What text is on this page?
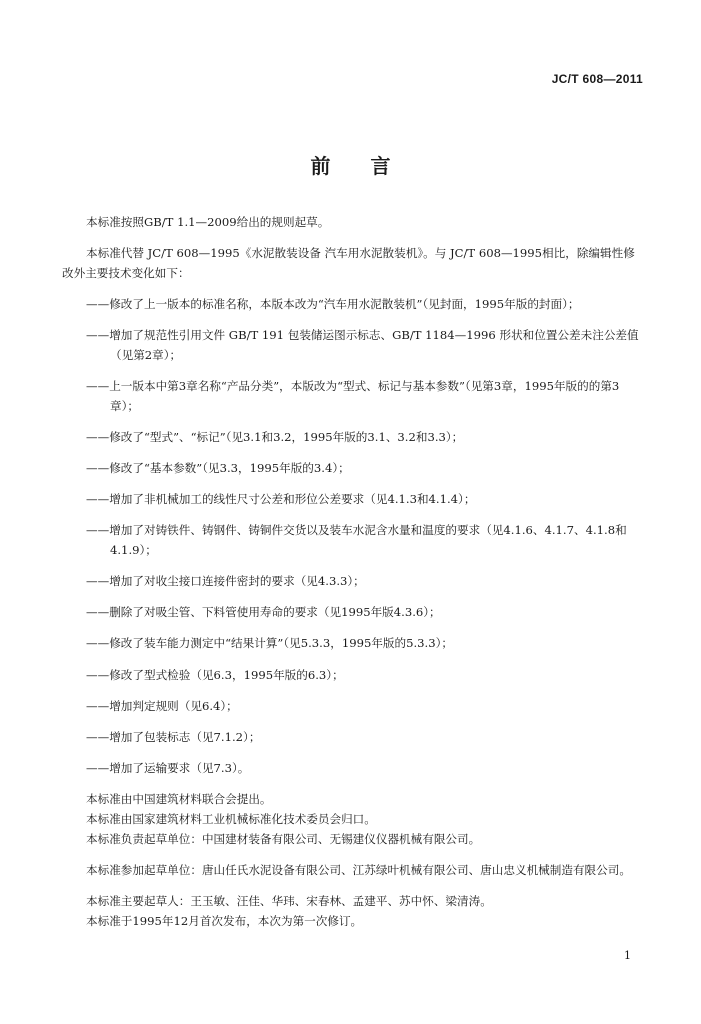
JC/T 608—2011
前 言

本标准按照GB/T 1.1—2009给出的规则起草。

本标准代替 JC/T 608—1995《水泥散装设备 汽车用水泥散装机》。与 JC/T 608—1995相比，除编辑性修改外主要技术变化如下：

——修改了上一版本的标准名称，本版本改为“汽车用水泥散装机”（见封面，1995年版的封面）；

——增加了规范性引用文件 GB/T 191 包装储运图示标志、GB/T 1184—1996 形状和位置公差未注公差值（见第2章）；

——上一版本中第3章名称“产品分类”，本版改为“型式、标记与基本参数”（见第3章，1995年版的的第3章）；

——修改了“型式”、“标记”（见3.1和3.2，1995年版的3.1、3.2和3.3）；

——修改了“基本参数”（见3.3，1995年版的3.4）；

——增加了非机械加工的线性尺寸公差和形位公差要求（见4.1.3和4.1.4）；

——增加了对铸铁件、铸钢件、铸铜件交货以及装车水泥含水量和温度的要求（见4.1.6、4.1.7、4.1.8和4.1.9）；

——增加了对收尘接口连接件密封的要求（见4.3.3）；

——删除了对吸尘管、下料管使用寿命的要求（见1995年版4.3.6）；

——修改了装车能力测定中“结果计算”（见5.3.3，1995年版的5.3.3）；

——修改了型式检验（见6.3，1995年版的6.3）；

——增加判定规则（见6.4）；

——增加了包装标志（见7.1.2）；

——增加了运输要求（见7.3）。

本标准由中国建筑材料联合会提出。

本标准由国家建筑材料工业机械标准化技术委员会归口。

本标准负责起草单位：中国建材装备有限公司、无锡建仪仪器机械有限公司。

本标准参加起草单位：唐山任氏水泥设备有限公司、江苏绿叶机械有限公司、唐山忠义机械制造有限公司。

本标准主要起草人：王玉敏、汪佳、华玮、宋春林、孟建平、苏中怀、梁清涛。

本标准于1995年12月首次发布，本次为第一次修订。

1
